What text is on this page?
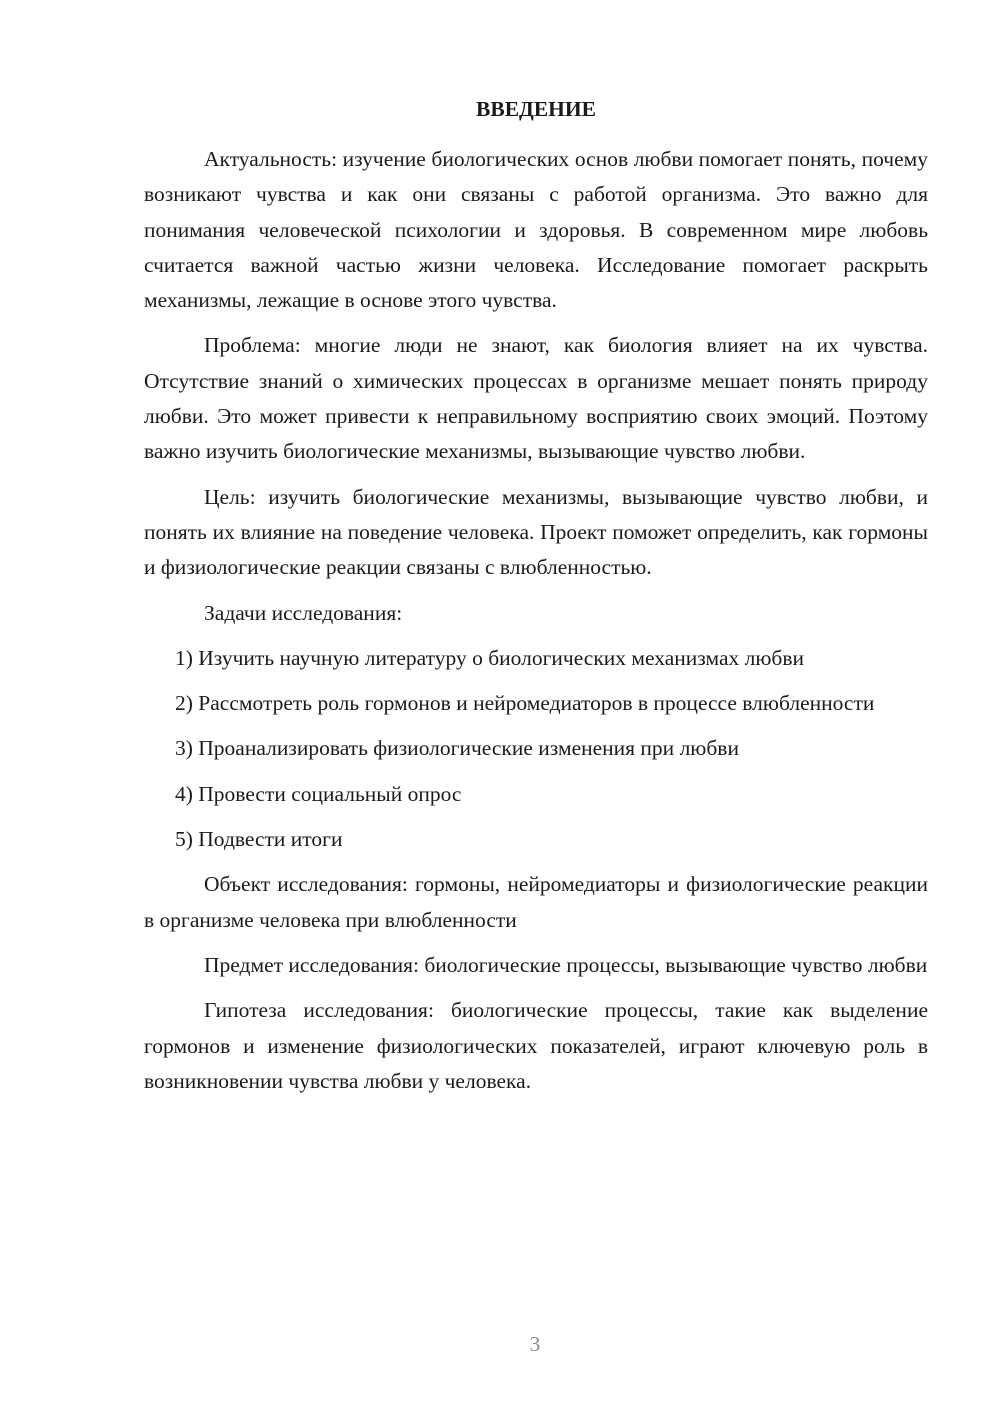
ВВЕДЕНИЕ

Актуальность: изучение биологических основ любви помогает понять, почему возникают чувства и как они связаны с работой организма. Это важно для понимания человеческой психологии и здоровья. В современном мире любовь считается важной частью жизни человека. Исследование помогает раскрыть механизмы, лежащие в основе этого чувства.

Проблема: многие люди не знают, как биология влияет на их чувства. Отсутствие знаний о химических процессах в организме мешает понять природу любви. Это может привести к неправильному восприятию своих эмоций. Поэтому важно изучить биологические механизмы, вызывающие чувство любви.

Цель: изучить биологические механизмы, вызывающие чувство любви, и понять их влияние на поведение человека. Проект поможет определить, как гормоны и физиологические реакции связаны с влюбленностью.

Задачи исследования:

1) Изучить научную литературу о биологических механизмах любви

2) Рассмотреть роль гормонов и нейромедиаторов в процессе влюбленности

3) Проанализировать физиологические изменения при любви

4) Провести социальный опрос

5) Подвести итоги

Объект исследования: гормоны, нейромедиаторы и физиологические реакции в организме человека при влюбленности

Предмет исследования: биологические процессы, вызывающие чувство любви

Гипотеза исследования: биологические процессы, такие как выделение гормонов и изменение физиологических показателей, играют ключевую роль в возникновении чувства любви у человека.

3
